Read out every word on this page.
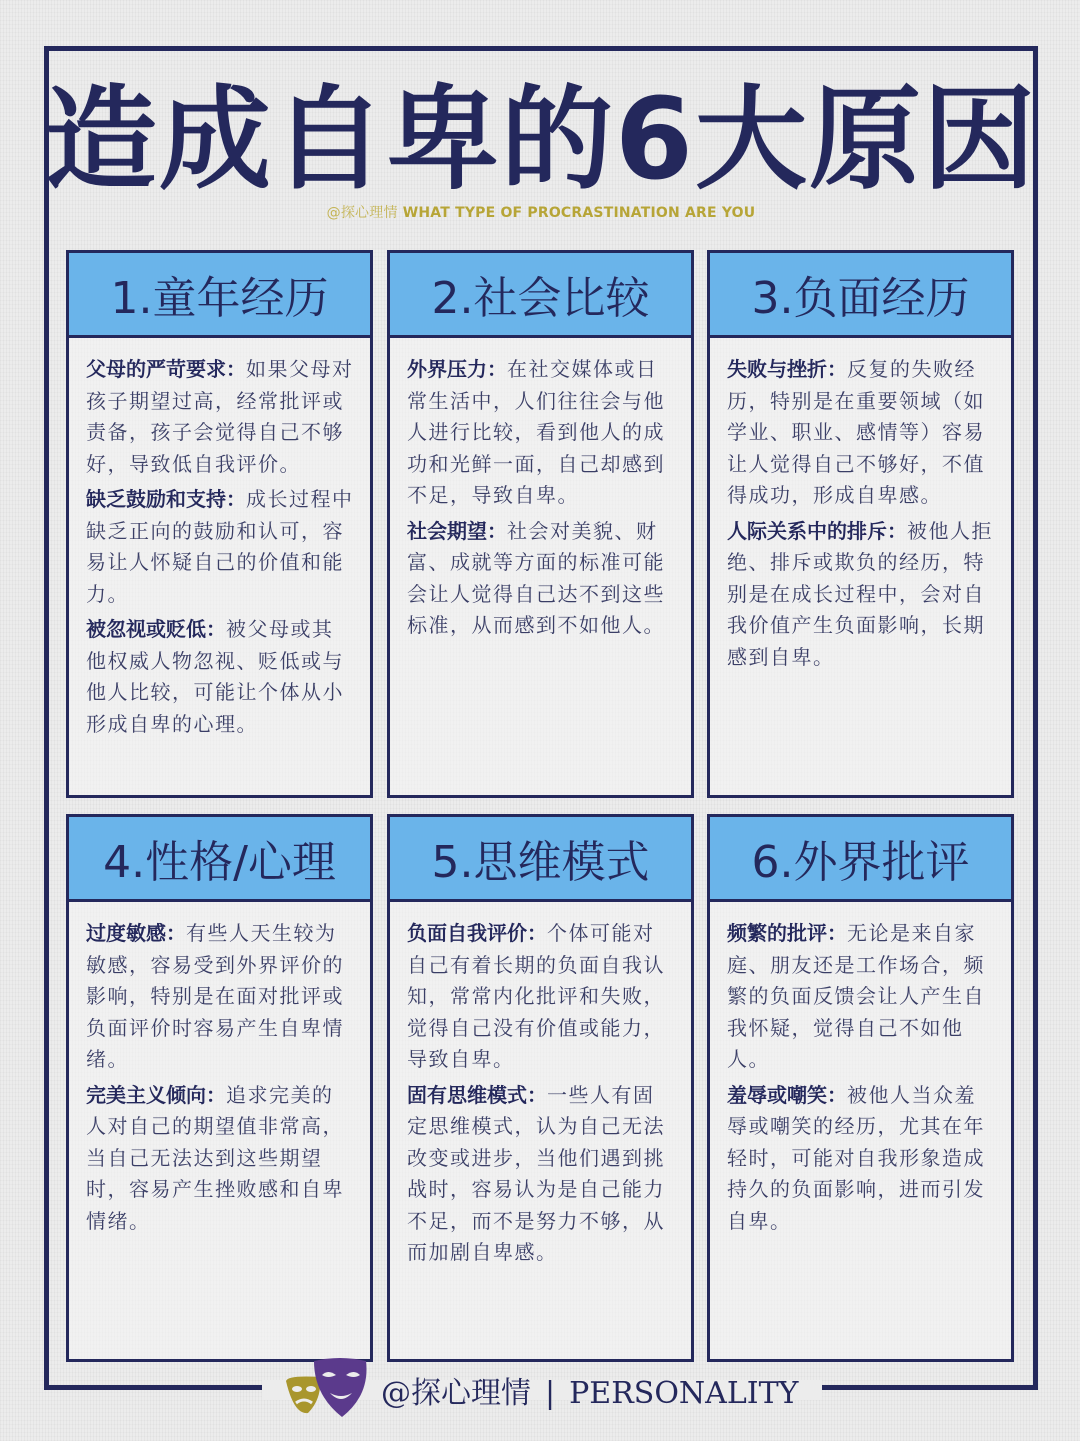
造成自卑的6大原因
@探心理情 WHAT TYPE OF PROCRASTINATION ARE YOU
1.童年经历

父母的严苛要求：如果父母对孩子期望过高，经常批评或责备，孩子会觉得自己不够好，导致低自我评价。

缺乏鼓励和支持：成长过程中缺乏正向的鼓励和认可，容易让人怀疑自己的价值和能力。

被忽视或贬低：被父母或其他权威人物忽视、贬低或与他人比较，可能让个体从小形成自卑的心理。

2.社会比较

外界压力：在社交媒体或日常生活中，人们往往会与他人进行比较，看到他人的成功和光鲜一面，自己却感到不足，导致自卑。

社会期望：社会对美貌、财富、成就等方面的标准可能会让人觉得自己达不到这些标准，从而感到不如他人。

3.负面经历

失败与挫折：反复的失败经历，特别是在重要领域（如学业、职业、感情等）容易让人觉得自己不够好，不值得成功，形成自卑感。

人际关系中的排斥：被他人拒绝、排斥或欺负的经历，特别是在成长过程中，会对自我价值产生负面影响，长期感到自卑。

4.性格/心理

过度敏感：有些人天生较为敏感，容易受到外界评价的影响，特别是在面对批评或负面评价时容易产生自卑情绪。

完美主义倾向：追求完美的人对自己的期望值非常高，当自己无法达到这些期望时，容易产生挫败感和自卑情绪。

5.思维模式

负面自我评价：个体可能对自己有着长期的负面自我认知，常常内化批评和失败，觉得自己没有价值或能力，导致自卑。

固有思维模式：一些人有固定思维模式，认为自己无法改变或进步，当他们遇到挑战时，容易认为是自己能力不足，而不是努力不够，从而加剧自卑感。

6.外界批评

频繁的批评：无论是来自家庭、朋友还是工作场合，频繁的负面反馈会让人产生自我怀疑，觉得自己不如他人。

羞辱或嘲笑：被他人当众羞辱或嘲笑的经历，尤其在年轻时，可能对自我形象造成持久的负面影响，进而引发自卑。

@探心理情 | PERSONALITY
